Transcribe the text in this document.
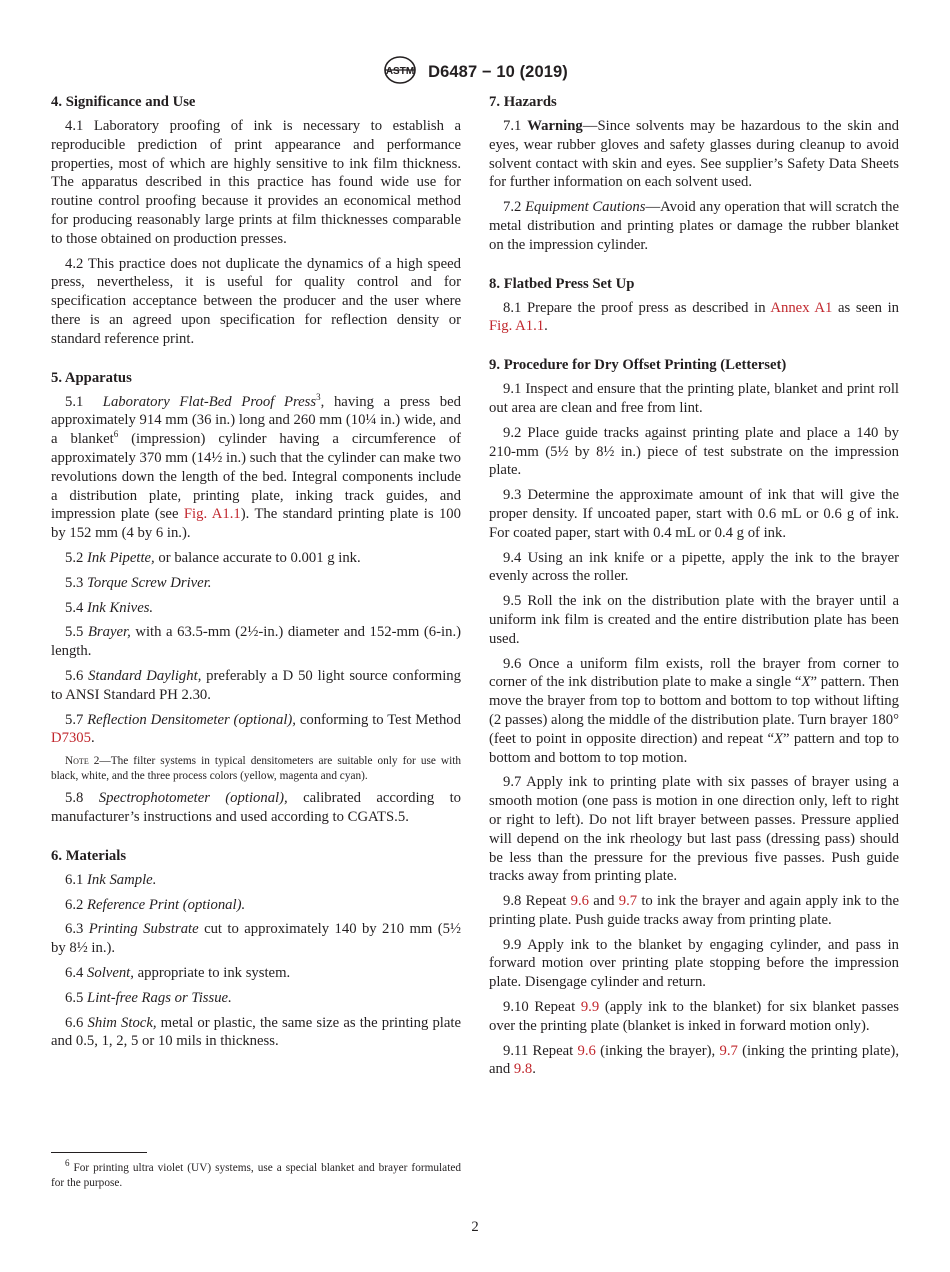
ASTM D6487 − 10 (2019)
4. Significance and Use

4.1 Laboratory proofing of ink is necessary to establish a reproducible prediction of print appearance and performance properties, most of which are highly sensitive to ink film thickness. The apparatus described in this practice has found wide use for routine control proofing because it provides an economical method for producing reasonably large prints at film thicknesses comparable to those obtained on production presses.

4.2 This practice does not duplicate the dynamics of a high speed press, nevertheless, it is useful for quality control and for specification acceptance between the producer and the user where there is an agreed upon specification for reflection density or standard reference print.

5. Apparatus

5.1 Laboratory Flat-Bed Proof Press$^3$, having a press bed approximately 914 mm (36 in.) long and 260 mm (10¼ in.) wide, and a blanket$^6$ (impression) cylinder having a circumference of approximately 370 mm (14½ in.) such that the cylinder can make two revolutions down the length of the bed. Integral components include a distribution plate, printing plate, inking track guides, and impression plate (see Fig. A1.1). The standard printing plate is 100 by 152 mm (4 by 6 in.).

5.2 Ink Pipette, or balance accurate to 0.001 g ink.

5.3 Torque Screw Driver.

5.4 Ink Knives.

5.5 Brayer, with a 63.5-mm (2½-in.) diameter and 152-mm (6-in.) length.

5.6 Standard Daylight, preferably a D 50 light source conforming to ANSI Standard PH 2.30.

5.7 Reflection Densitometer (optional), conforming to Test Method D7305.

Note 2—The filter systems in typical densitometers are suitable only for use with black, white, and the three process colors (yellow, magenta and cyan).

5.8 Spectrophotometer (optional), calibrated according to manufacturer’s instructions and used according to CGATS.5.

6. Materials

6.1 Ink Sample.

6.2 Reference Print (optional).

6.3 Printing Substrate cut to approximately 140 by 210 mm (5½ by 8½ in.).

6.4 Solvent, appropriate to ink system.

6.5 Lint-free Rags or Tissue.

6.6 Shim Stock, metal or plastic, the same size as the printing plate and 0.5, 1, 2, 5 or 10 mils in thickness.

$^6$ For printing ultra violet (UV) systems, use a special blanket and brayer formulated for the purpose.
7. Hazards

7.1 Warning—Since solvents may be hazardous to the skin and eyes, wear rubber gloves and safety glasses during cleanup to avoid solvent contact with skin and eyes. See supplier’s Safety Data Sheets for further information on each solvent used.

7.2 Equipment Cautions—Avoid any operation that will scratch the metal distribution and printing plates or damage the rubber blanket on the impression cylinder.

8. Flatbed Press Set Up

8.1 Prepare the proof press as described in Annex A1 as seen in Fig. A1.1.

9. Procedure for Dry Offset Printing (Letterset)

9.1 Inspect and ensure that the printing plate, blanket and print roll out area are clean and free from lint.

9.2 Place guide tracks against printing plate and place a 140 by 210-mm (5½ by 8½ in.) piece of test substrate on the impression plate.

9.3 Determine the approximate amount of ink that will give the proper density. If uncoated paper, start with 0.6 mL or 0.6 g of ink. For coated paper, start with 0.4 mL or 0.4 g of ink.

9.4 Using an ink knife or a pipette, apply the ink to the brayer evenly across the roller.

9.5 Roll the ink on the distribution plate with the brayer until a uniform ink film is created and the entire distribution plate has been used.

9.6 Once a uniform film exists, roll the brayer from corner to corner of the ink distribution plate to make a single “X” pattern. Then move the brayer from top to bottom and bottom to top without lifting (2 passes) along the middle of the distribution plate. Turn brayer 180° (feet to point in opposite direction) and repeat “X” pattern and top to bottom and bottom to top motion.

9.7 Apply ink to printing plate with six passes of brayer using a smooth motion (one pass is motion in one direction only, left to right or right to left). Do not lift brayer between passes. Pressure applied will depend on the ink rheology but last pass (dressing pass) should be less than the pressure for the previous five passes. Push guide tracks away from printing plate.

9.8 Repeat 9.6 and 9.7 to ink the brayer and again apply ink to the printing plate. Push guide tracks away from printing plate.

9.9 Apply ink to the blanket by engaging cylinder, and pass in forward motion over printing plate stopping before the impression plate. Disengage cylinder and return.

9.10 Repeat 9.9 (apply ink to the blanket) for six blanket passes over the printing plate (blanket is inked in forward motion only).

9.11 Repeat 9.6 (inking the brayer), 9.7 (inking the printing plate), and 9.8.

2
